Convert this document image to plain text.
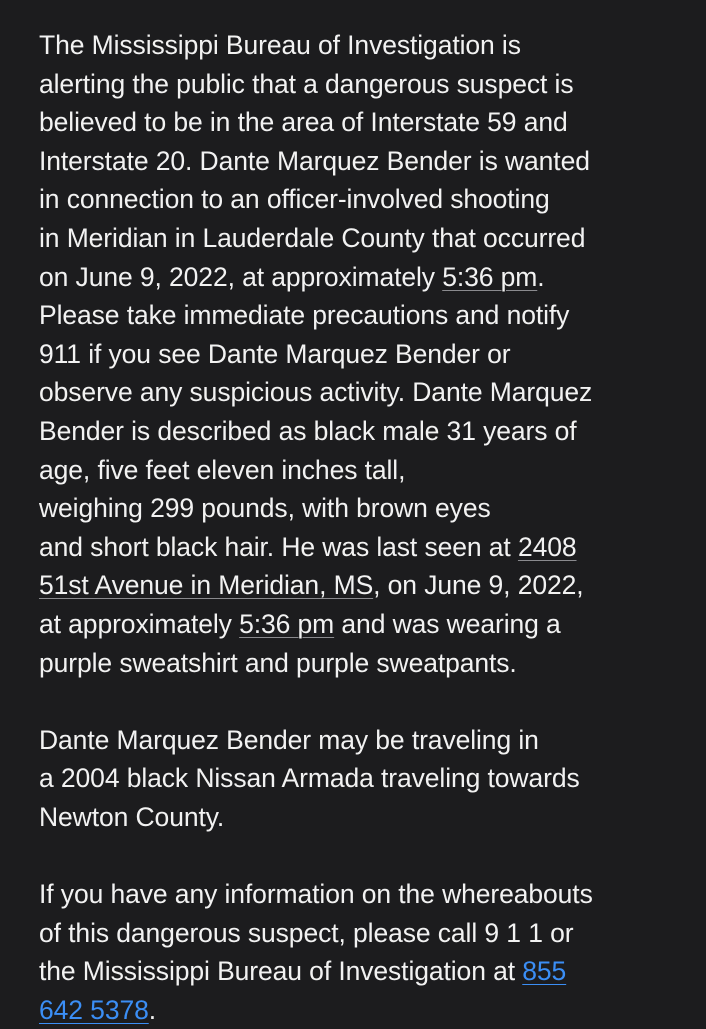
The Mississippi Bureau of Investigation is
alerting the public that a dangerous suspect is
believed to be in the area of Interstate 59 and
Interstate 20. Dante Marquez Bender is wanted
in connection to an officer-involved shooting
in Meridian in Lauderdale County that occurred
on June 9, 2022, at approximately 5:36 pm.
Please take immediate precautions and notify
911 if you see Dante Marquez Bender or
observe any suspicious activity. Dante Marquez
Bender is described as black male 31 years of
age, five feet eleven inches tall,
weighing 299 pounds, with brown eyes
and short black hair. He was last seen at 2408
51st Avenue in Meridian, MS, on June 9, 2022,
at approximately 5:36 pm and was wearing a
purple sweatshirt and purple sweatpants.
Dante Marquez Bender may be traveling in
a 2004 black Nissan Armada traveling towards
Newton County.
If you have any information on the whereabouts
of this dangerous suspect, please call 9 1 1 or
the Mississippi Bureau of Investigation at 855
642 5378.
